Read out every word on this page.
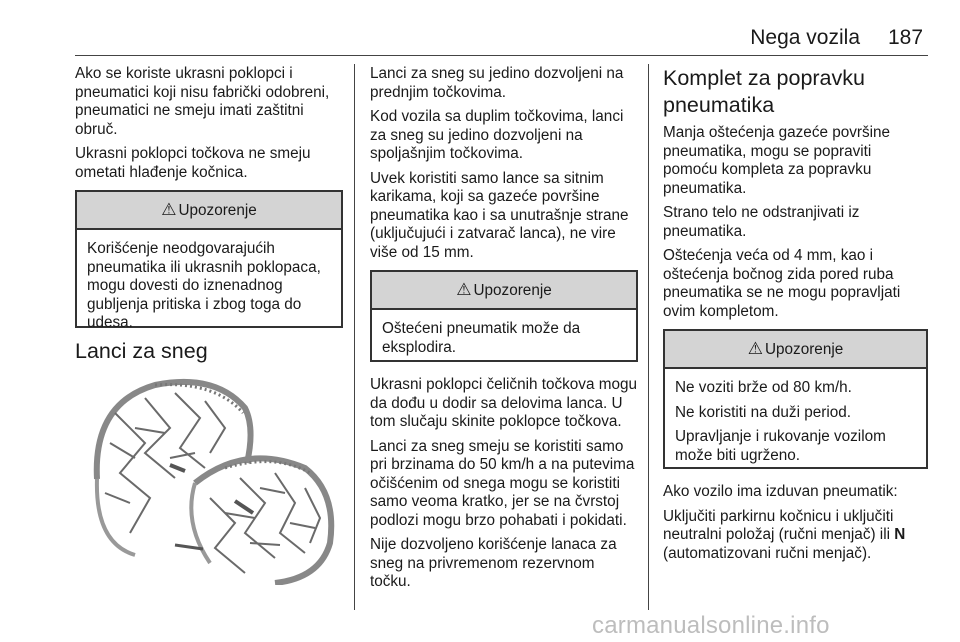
Nega vozila 187

Ako se koriste ukrasni poklopci i pneumatici koji nisu fabrički odobreni, pneumatici ne smeju imati zaštitni obruč.

Ukrasni poklopci točkova ne smeju ometati hlađenje kočnica.

⚠ Upozorenje

Korišćenje neodgovarajućih pneumatika ili ukrasnih poklopaca, mogu dovesti do iznenadnog gubljenja pritiska i zbog toga do udesa.

Lanci za sneg

Lanci za sneg su jedino dozvoljeni na prednjim točkovima.

Kod vozila sa duplim točkovima, lanci za sneg su jedino dozvoljeni na spoljašnjim točkovima.

Uvek koristiti samo lance sa sitnim karikama, koji sa gazeće površine pneumatika kao i sa unutrašnje strane (uključujući i zatvarač lanca), ne vire više od 15 mm.

⚠ Upozorenje

Oštećeni pneumatik može da eksplodira.

Ukrasni poklopci čeličnih točkova mogu da dođu u dodir sa delovima lanca. U tom slučaju skinite poklopce točkova.

Lanci za sneg smeju se koristiti samo pri brzinama do 50 km/h a na putevima očišćenim od snega mogu se koristiti samo veoma kratko, jer se na čvrstoj podlozi mogu brzo pohabati i pokidati.

Nije dozvoljeno korišćenje lanaca za sneg na privremenom rezervnom točku.

Komplet za popravku pneumatika

Manja oštećenja gazeće površine pneumatika, mogu se popraviti pomoću kompleta za popravku pneumatika.

Strano telo ne odstranjivati iz pneumatika.

Oštećenja veća od 4 mm, kao i oštećenja bočnog zida pored ruba pneumatika se ne mogu popravljati ovim kompletom.

⚠ Upozorenje

Ne voziti brže od 80 km/h.

Ne koristiti na duži period.

Upravljanje i rukovanje vozilom može biti ugrženo.

Ako vozilo ima izduvan pneumatik:

Uključiti parkirnu kočnicu i uključiti neutralni položaj (ručni menjač) ili N (automatizovani ručni menjač).

carmanualsonline.info
